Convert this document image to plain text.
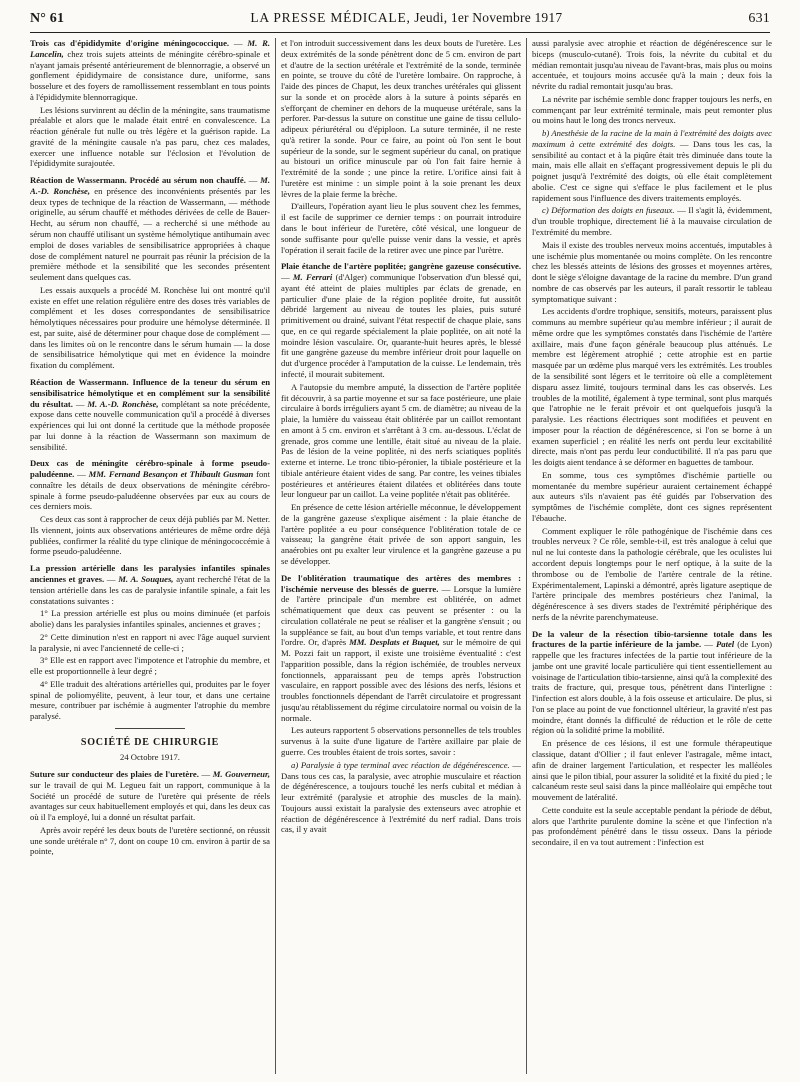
N° 61	LA PRESSE MÉDICALE, Jeudi, 1er Novembre 1917	631

Trois cas d'épididymite d'origine méningococcique. — M. R. Lancelin, chez trois sujets atteints de méningite cérébro-spinale et n'ayant jamais présenté antérieurement de blennorragie, a observé un gonflement épididymaire de consistance dure, uniforme, sans bosselure et des foyers de ramollissement ressemblant en tous points à l'épididymite blennorragique.

Les lésions survinrent au déclin de la méningite, sans traumatisme préalable et alors que le malade était entré en convalescence. La réaction générale fut nulle ou très légère et la guérison rapide. La gravité de la méningite causale n'a pas paru, chez ces malades, exercer une influence notable sur l'éclosion et l'évolution de l'épididymite surajoutée.

Réaction de Wassermann. Procédé au sérum non chauffé. — M. A.-D. Ronchèse, en présence des inconvénients présentés par les deux types de technique de la réaction de Wassermann, — méthode originelle, au sérum chauffé et méthodes dérivées de celle de Bauer-Hecht, au sérum non chauffé, — a recherché si une méthode au sérum non chauffé utilisant un système hémolytique antihumain avec emploi de doses variables de sensibilisatrice appropriées à chaque dose de complément naturel ne pourrait pas réunir la précision de la première méthode et la sensibilité que les secondes présentent seulement dans quelques cas.

Les essais auxquels a procédé M. Ronchèse lui ont montré qu'il existe en effet une relation régulière entre des doses très variables de complément et les doses correspondantes de sensibilisatrice hémolytiques nécessaires pour produire une hémolyse déterminée. Il est, par suite, aisé de déterminer pour chaque dose de complément — dans les limites où on le rencontre dans le sérum humain — la dose de sensibilisatrice hémolytique qui met en évidence la moindre fixation du complément.

Réaction de Wassermann. Influence de la teneur du sérum en sensibilisatrice hémolytique et en complément sur la sensibilité du résultat. — M. A.-D. Ronchèse, complétant sa note précédente, expose dans cette nouvelle communication qu'il a procédé à diverses expériences qui lui ont donné la certitude que la méthode proposée par lui donne à la réaction de Wassermann son maximum de sensibilité.

Deux cas de méningite cérébro-spinale à forme pseudo-paludéenne. — MM. Fernand Besançon et Thibault Gusman font connaître les détails de deux observations de méningite cérébro-spinale à forme pseudo-paludéenne observées par eux au cours de ces derniers mois.

Ces deux cas sont à rapprocher de ceux déjà publiés par M. Netter. Ils viennent, joints aux observations antérieures de même ordre déjà publiées, confirmer la réalité du type clinique de méningococcémie à forme pseudo-paludéenne.

La pression artérielle dans les paralysies infantiles spinales anciennes et graves. — M. A. Souques, ayant recherché l'état de la tension artérielle dans les cas de paralysie infantile spinale, a fait les constatations suivantes :

1° La pression artérielle est plus ou moins diminuée (et parfois abolie) dans les paralysies infantiles spinales, anciennes et graves ;

2° Cette diminution n'est en rapport ni avec l'âge auquel survient la paralysie, ni avec l'ancienneté de celle-ci ;

3° Elle est en rapport avec l'impotence et l'atrophie du membre, et elle est proportionnelle à leur degré ;

4° Elle traduit des altérations artérielles qui, produites par le foyer spinal de poliomyélite, peuvent, à leur tour, et dans une certaine mesure, contribuer par ischémie à augmenter l'atrophie du membre paralysé.

SOCIÉTÉ DE CHIRURGIE
24 Octobre 1917.

Suture sur conducteur des plaies de l'uretère. — M. Gouverneur, sur le travail de qui M. Legueu fait un rapport, communique à la Société un procédé de suture de l'uretère qui présente de réels avantages sur ceux habituellement employés et qui, dans les deux cas où il l'a employé, lui a donné un résultat parfait.

Après avoir repéré les deux bouts de l'uretère sectionné, on réussit une sonde urétérale n° 7, dont on coupe 10 cm. environ à partir de sa pointe,

et l'on introduit successivement dans les deux bouts de l'uretère. Les deux extrémités de la sonde pénètrent donc de 5 cm. environ de part et d'autre de la section urétérale et l'extrémité de la sonde, terminée en pointe, se trouve du côté de l'uretère lombaire. On rapproche, à l'aide des pinces de Chaput, les deux tranches urétérales qui glissent sur la sonde et on procède alors à la suture à points séparés en s'efforçant de cheminer en dehors de la muqueuse urétérale, sans la perforer. Par-dessus la suture on constitue une gaine de tissu cellulo-adipeux périurétéral ou d'épiploon. La suture terminée, il ne reste qu'à retirer la sonde. Pour ce faire, au point où l'on sent le bout supérieur de la sonde, sur le segment supérieur du canal, on pratique au bistouri un orifice minuscule par où l'on fait faire hernie à l'extrémité de la sonde ; une pince la retire. L'orifice ainsi fait à l'uretère est minime : un simple point à la soie prenant les deux lèvres de la plaie ferme la brèche.

D'ailleurs, l'opération ayant lieu le plus souvent chez les femmes, il est facile de supprimer ce dernier temps : on pourrait introduire dans le bout inférieur de l'uretère, côté vésical, une longueur de sonde suffisante pour qu'elle puisse venir dans la vessie, et après l'opération il serait facile de la retirer avec une pince par l'urètre.

Plaie étanche de l'artère poplitée; gangrène gazeuse consécutive. — M. Ferrari (d'Alger) communique l'observation d'un blessé qui, ayant été atteint de plaies multiples par éclats de grenade, en particulier d'une plaie de la région poplitée droite, fut aussitôt débridé largement au niveau de toutes les plaies, puis suturé primitivement ou drainé, suivant l'état respectif de chaque plaie, sans que, en ce qui regarde spécialement la plaie poplitée, on ait noté la moindre lésion vasculaire. Or, quarante-huit heures après, le blessé fit une gangrène gazeuse du membre inférieur droit pour laquelle on dut d'urgence procéder à l'amputation de la cuisse. Le lendemain, très infecté, il mourait subitement.

A l'autopsie du membre amputé, la dissection de l'artère poplitée fit découvrir, à sa partie moyenne et sur sa face postérieure, une plaie circulaire à bords irréguliers ayant 5 cm. de diamètre; au niveau de la plaie, la lumière du vaisseau était oblitérée par un caillot remontant en amont à 5 cm. environ et s'arrêtant à 3 cm. au-dessous. L'éclat de grenade, gros comme une lentille, était situé au niveau de la plaie. Pas de lésion de la veine poplitée, ni des nerfs sciatiques poplités externe et interne. Le tronc tibio-péronier, la tibiale postérieure et la tibiale antérieure étaient vides de sang. Par contre, les veines tibiales postérieures et antérieures étaient dilatées et oblitérées dans toute leur longueur par un caillot. La veine poplitée n'était pas oblitérée.

En présence de cette lésion artérielle méconnue, le développement de la gangrène gazeuse s'explique aisément : la plaie étanche de l'artère poplitée a eu pour conséquence l'oblitération totale de ce vaisseau; la gangrène était privée de son apport sanguin, les anaérobies ont pu exalter leur virulence et la gangrène gazeuse a pu se développer.

De l'oblitération traumatique des artères des membres : l'ischémie nerveuse des blessés de guerre. — Lorsque la lumière de l'artère principale d'un membre est oblitérée, on admet schématiquement que deux cas peuvent se présenter : ou la circulation collatérale ne peut se réaliser et la gangrène s'ensuit ; ou la suppléance se fait, au bout d'un temps variable, et tout rentre dans l'ordre. Or, d'après MM. Desplats et Buquet, sur le mémoire de qui M. Pozzi fait un rapport, il existe une troisième éventualité : c'est l'apparition possible, dans la région ischémiée, de troubles nerveux fonctionnels, apparaissant peu de temps après l'obstruction vasculaire, en rapport possible avec des lésions des nerfs, lésions et troubles fonctionnels dépendant de l'arrêt circulatoire et progressant jusqu'au rétablissement du régime circulatoire normal ou voisin de la normale.

Les auteurs rapportent 5 observations personnelles de tels troubles survenus à la suite d'une ligature de l'artère axillaire par plaie de guerre. Ces troubles étaient de trois sortes, savoir :

a) Paralysie à type terminal avec réaction de dégénérescence. — Dans tous ces cas, la paralysie, avec atrophie musculaire et réaction de dégénérescence, a toujours touché les nerfs cubital et médian à leur extrémité (paralysie et atrophie des muscles de la main). Toujours aussi existait la paralysie des extenseurs avec atrophie et réaction de dégénérescence à l'extrémité du nerf radial. Dans trois cas, il y avait

aussi paralysie avec atrophie et réaction de dégénérescence sur le biceps (musculo-cutané). Trois fois, la névrite du cubital et du médian remontait jusqu'au niveau de l'avant-bras, mais plus ou moins accentuée, et toujours moins accusée qu'à la main ; deux fois la névrite du radial remontait jusqu'au bras.

La névrite par ischémie semble donc frapper toujours les nerfs, en commençant par leur extrémité terminale, mais peut remonter plus ou moins haut le long des troncs nerveux.

b) Anesthésie de la racine de la main à l'extrémité des doigts avec maximum à cette extrémité des doigts. — Dans tous les cas, la sensibilité au contact et à la piqûre était très diminuée dans toute la main, mais elle allait en s'effaçant progressivement depuis le pli du poignet jusqu'à l'extrémité des doigts, où elle était complètement abolie. C'est ce signe qui s'efface le plus facilement et le plus rapidement sous l'influence des divers traitements employés.

c) Déformation des doigts en fuseaux. — Il s'agit là, évidemment, d'un trouble trophique, directement lié à la mauvaise circulation de l'extrémité du membre.

Mais il existe des troubles nerveux moins accentués, imputables à une ischémie plus momentanée ou moins complète. On les rencontre chez les blessés atteints de lésions des grosses et moyennes artères, dont le siège s'éloigne davantage de la racine du membre. D'un grand nombre de cas observés par les auteurs, il paraît ressortir le tableau symptomatique suivant :

Les accidents d'ordre trophique, sensitifs, moteurs, paraissent plus communs au membre supérieur qu'au membre inférieur ; il aurait de même ordre que les symptômes constatés dans l'ischémie de l'artère axillaire, mais d'une façon générale beaucoup plus atténués. Le membre est légèrement atrophié ; cette atrophie est en partie masquée par un œdème plus marqué vers les extrémités. Les troubles de la sensibilité sont légers et le territoire où elle a complètement disparu assez limité, toujours terminal dans les cas observés. Les troubles de la motilité, également à type terminal, sont plus marqués que l'atrophie ne le ferait prévoir et ont quelquefois jusqu'à la paralysie. Les réactions électriques sont modifiées et peuvent en imposer pour la réaction de dégénérescence, si l'on se borne à un examen superficiel ; en réalité les nerfs ont perdu leur excitabilité directe, mais n'ont pas perdu leur conductibilité. Il n'a pas paru que les doigts aient tendance à se déformer en baguettes de tambour.

En somme, tous ces symptômes d'ischémie partielle ou momentanée du membre supérieur auraient certainement échappé aux auteurs s'ils n'avaient pas été guidés par l'observation des symptômes de l'ischémie complète, dont ces signes représentent l'ébauche.

Comment expliquer le rôle pathogénique de l'ischémie dans ces troubles nerveux ? Ce rôle, semble-t-il, est très analogue à celui que nul ne lui conteste dans la pathologie cérébrale, que les oculistes lui accordent depuis longtemps pour le nerf optique, à la suite de la thrombose ou de l'embolie de l'artère centrale de la rétine. Expérimentalement, Lapinski a démontré, après ligature aseptique de l'artère principale des membres postérieurs chez l'animal, la dégénérescence à ses divers stades de l'extrémité périphérique des nerfs de la névrite parenchymateuse.

De la valeur de la résection tibio-tarsienne totale dans les fractures de la partie inférieure de la jambe. — Patel (de Lyon) rappelle que les fractures infectées de la partie tout inférieure de la jambe ont une gravité locale particulière qui tient essentiellement au voisinage de l'articulation tibio-tarsienne, ainsi qu'à la complexité des traits de fracture, qui, presque tous, pénètrent dans l'interligne : l'infection est alors double, à la fois osseuse et articulaire. De plus, si l'on se place au point de vue fonctionnel ultérieur, la gravité n'est pas moindre, étant donnés la difficulté de réduction et le rôle de cette région où la solidité prime la mobilité.

En présence de ces lésions, il est une formule thérapeutique classique, datant d'Ollier ; il faut enlever l'astragale, même intact, afin de drainer largement l'articulation, et respecter les malléoles ainsi que le pilon tibial, pour assurer la solidité et la fixité du pied ; le calcanéum reste seul saisi dans la pince malléolaire qui empêche tout mouvement de latéralité.

Cette conduite est la seule acceptable pendant la période de début, alors que l'arthrite purulente domine la scène et que l'infection n'a pas profondément pénétré dans le tissu osseux. Dans la période secondaire, il en va tout autrement : l'infection est
